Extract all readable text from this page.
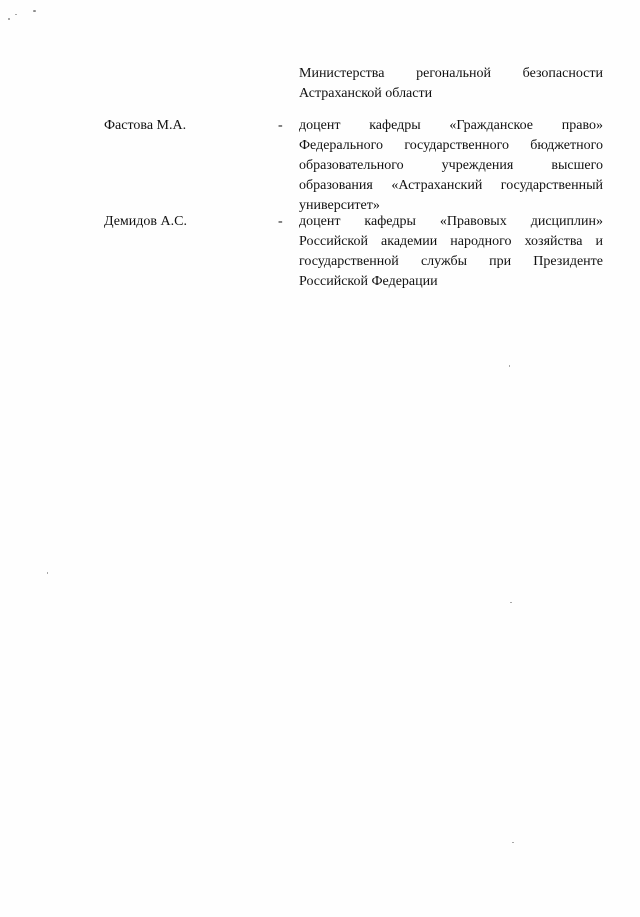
Министерства регональной безопасности Астраханской области
Фастова М.А.	- доцент кафедры «Гражданское право» Федерального государственного бюджетного образовательного учреждения высшего образования «Астраханский государственный университет»
Демидов А.С.	- доцент кафедры «Правовых дисциплин» Российской академии народного хозяйства и государственной службы при Президенте Российской Федерации
